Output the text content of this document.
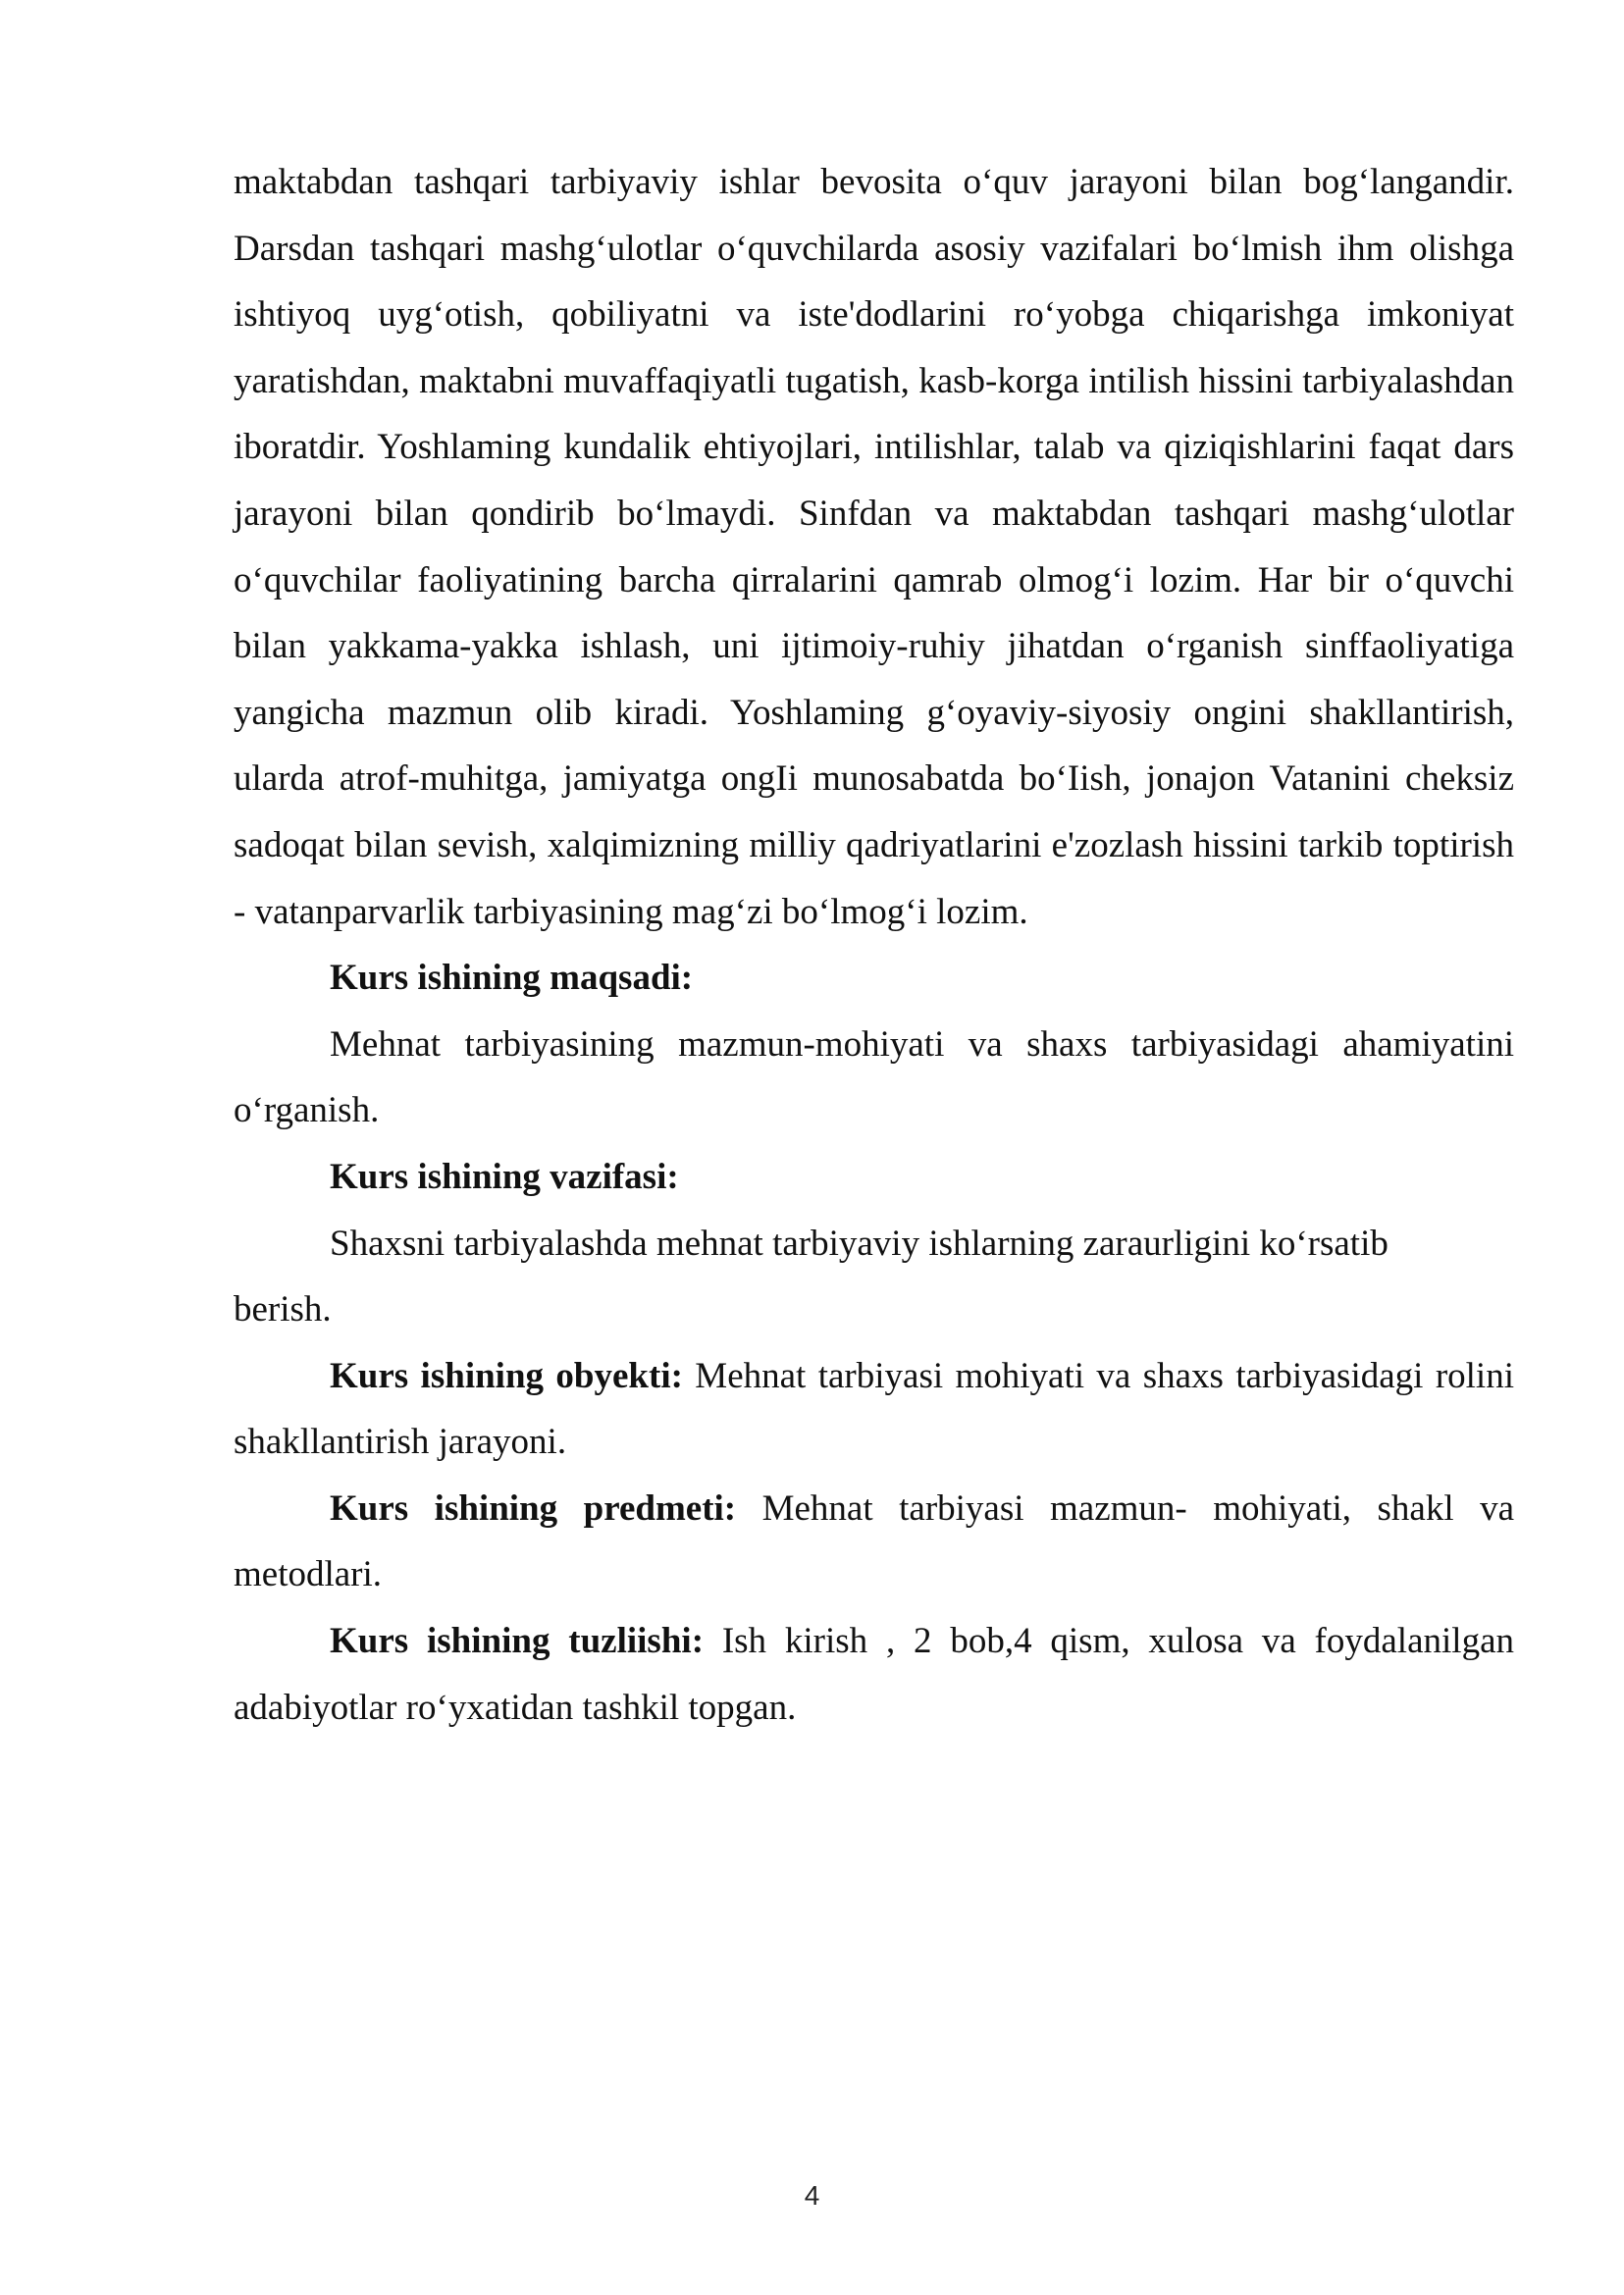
maktabdan tashqari tarbiyaviy ishlar bevosita o‘quv jarayoni bilan bog‘langandir. Darsdan tashqari mashg‘ulotlar o‘quvchilarda asosiy vazifalari bo‘lmish ihm olishga ishtiyoq uyg‘otish, qobiliyatni va iste'dodlarini ro‘yobga chiqarishga imkoniyat yaratishdan, maktabni muvaffaqiyatli tugatish, kasb-korga intilish hissini tarbiyalashdan iboratdir. Yoshlaming kundalik ehtiyojlari, intilishlar, talab va qiziqishlarini faqat dars jarayoni bilan qondirib bo‘lmaydi. Sinfdan va maktabdan tashqari mashg‘ulotlar o‘quvchilar faoliyatining barcha qirralarini qamrab olmog‘i lozim. Har bir o‘quvchi bilan yakkama-yakka ishlash, uni ijtimoiy-ruhiy jihatdan o‘rganish sinffaoliyatiga yangicha mazmun olib kiradi. Yoshlaming g‘oyaviy-siyosiy ongini shakllantirish, ularda atrof-muhitga, jamiyatga ongIi munosabatda bo‘Iish, jonajon Vatanini cheksiz sadoqat bilan sevish, xalqimizning milliy qadriyatlarini e'zozlash hissini tarkib toptirish - vatanparvarlik tarbiyasining mag‘zi bo‘lmog‘i lozim.

Kurs ishining maqsadi:

Mehnat tarbiyasining mazmun-mohiyati va shaxs tarbiyasidagi ahamiyatini o‘rganish.

Kurs ishining vazifasi:

Shaxsni tarbiyalashda mehnat tarbiyaviy ishlarning zaraurligini ko‘rsatib

berish.

Kurs ishining obyekti: Mehnat tarbiyasi mohiyati va shaxs tarbiyasidagi rolini shakllantirish jarayoni.

Kurs ishining predmeti: Mehnat tarbiyasi mazmun- mohiyati, shakl va metodlari.

Kurs ishining tuzliishi: Ish kirish , 2 bob,4 qism, xulosa va foydalanilgan adabiyotlar ro‘yxatidan tashkil topgan.

4
